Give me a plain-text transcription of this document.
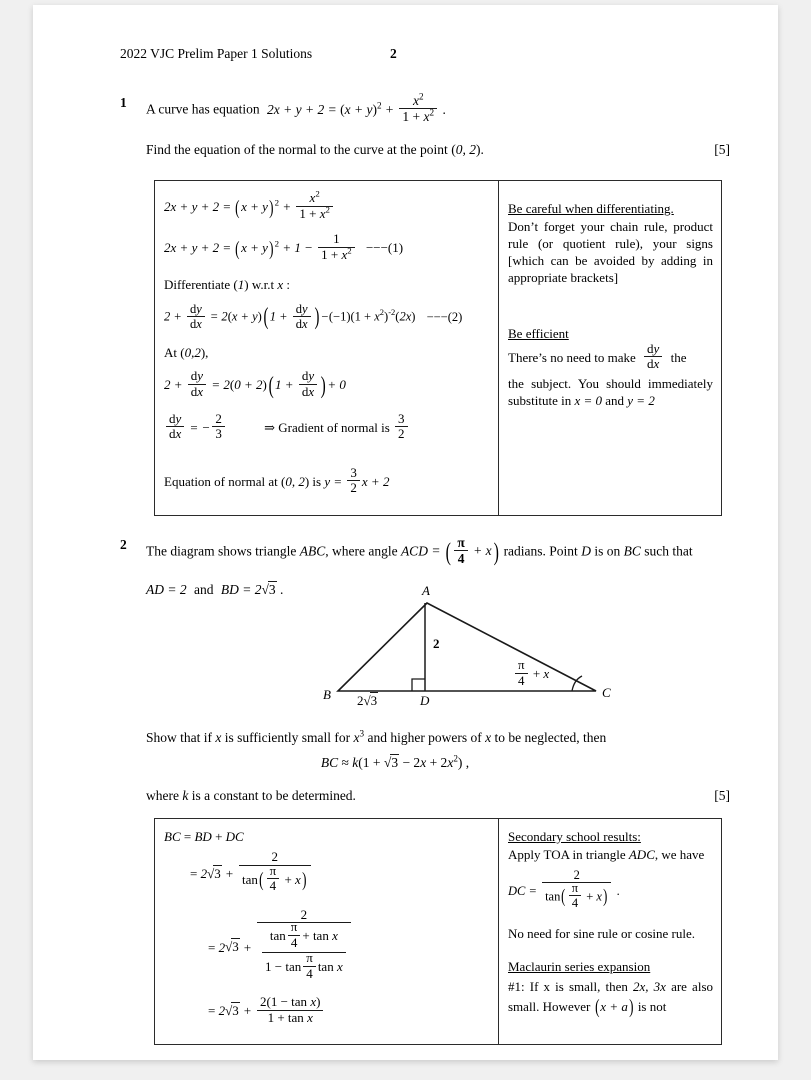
2022 VJC Prelim Paper 1 Solutions	2
1	A curve has equation $2x + y + 2 = (x + y)^2 + \frac{x^2}{1 + x^2}$ .
Find the equation of the normal to the curve at the point (0, 2).	[5]
$2x + y + 2 = (x + y)^2 + \frac{x^2}{1 + x^2}$
$2x + y + 2 = (x + y)^2 + 1 - \frac{1}{1 + x^2} ---(1)$
Differentiate (1) w.r.t x :
$2 + \frac{dy}{dx} = 2(x + y)$( $1 + \frac{dy}{dx}$ ) $-(-1)(1 + x^2)^{-2}(2x) ---(2)$
At (0,2),
$2 + \frac{dy}{dx} = 2(0 + 2)$( $1 + \frac{dy}{dx}$ ) + 0
$\frac{dy}{dx}$ = − $\frac{2}{3}$	⇒ Gradient of normal is $\frac{3}{2}$
Equation of normal at (0, 2) is $y = \frac{3}{2}$ x + 2
Be careful when differentiating.
Don’t forget your chain rule, product rule (or quotient rule), your signs [which can be avoided by adding in appropriate brackets]
Be efficient
There’s no need to make $\frac{dy}{dx}$ the
the subject. You should immediately substitute in x = 0 and y = 2
2	The diagram shows triangle ABC, where angle ACD = ( $\frac{\pi}{4} + x$) radians. Point D is on BC such that
AD = 2 and BD = 2√3 .	A
B	C
D
2
2√3
$\frac{\pi}{4} + x$
Show that if x is sufficiently small for $x^3$ and higher powers of x to be neglected, then
BC ≈ $k(1 + √3 - 2x + 2x^2)$ ,
where k is a constant to be determined.	[5]
BC = BD + DC
= $2√3 + \frac{2}{\tan( \frac{\pi}{4} + x)}$
= $2√3 + \frac{2}{\frac{\tan \frac{\pi}{4} + \tan x}{1 - \tan \frac{\pi}{4} \tan x}}$
= $2√3 + \frac{\text{2(1 − tan x)}}{\text{1 + tan x}}$
Secondary school results:
Apply TOA in triangle ADC, we have
DC = $\frac{2}{\tan( \frac{\pi}{4} + x)}$ .
No need for sine rule or cosine rule.
Maclaurin series expansion
#1: If x is small, then 2x, 3x are also small. However (x + a) is not
